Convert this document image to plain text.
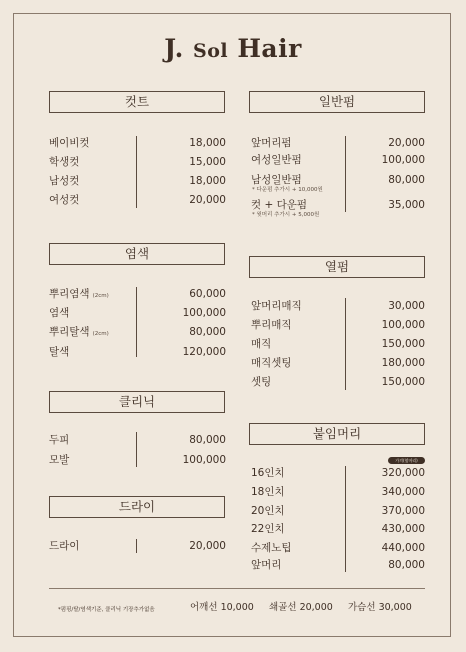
J. Sol Hair
컷트
베이비컷	18,000
학생컷	15,000
남성컷	18,000
여성컷	20,000
일반펌
앞머리펌	20,000
여성일반펌	100,000
남성일반펌	80,000
* 다운펌 추가시 + 10,000원
컷 + 다운펌	35,000
* 윗머리 추가시 + 5,000원
염색
뿌리염색 (2cm)	60,000
염색	100,000
뿌리탈색 (2cm)	80,000
탈색	120,000
열펌
앞머리매직	30,000
뿌리매직	100,000
매직	150,000
매직셋팅	180,000
셋팅	150,000
클리닉
두피	80,000
모발	100,000
드라이
드라이	20,000
붙임머리
가격(옆머리)
16인치	320,000
18인치	340,000
20인치	370,000
22인치	430,000
수제노팁	440,000
앞머리	80,000
*펌핑/탈/염색기준, 클리닉 기장추가없음	어깨선 10,000 쇄골선 20,000 가슴선 30,000
